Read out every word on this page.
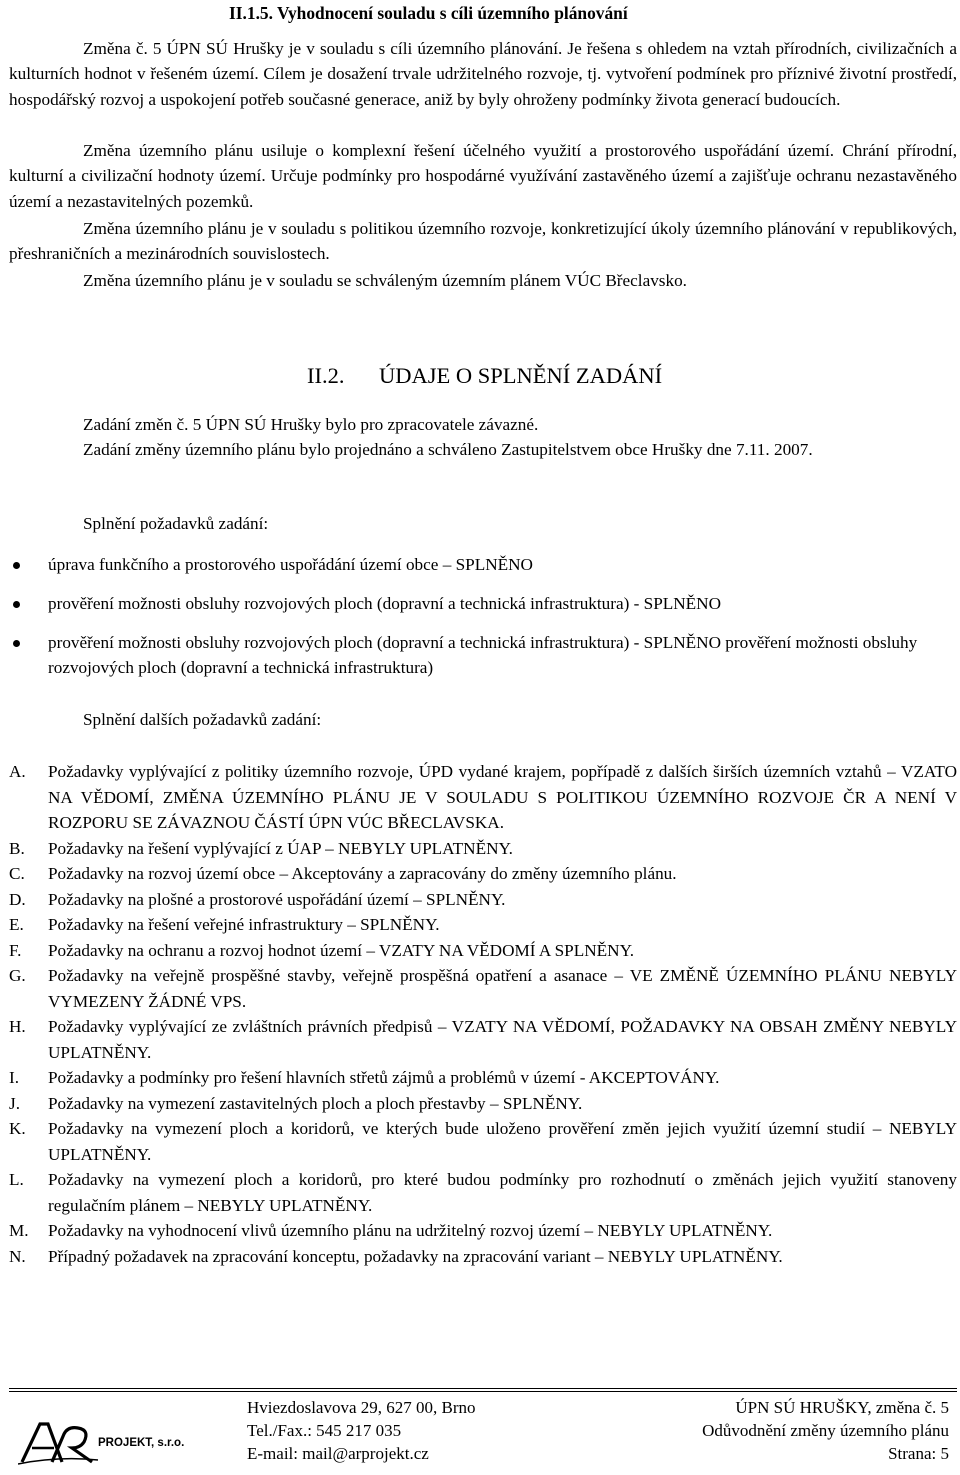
II.1.5. Vyhodnocení souladu s cíli územního plánování
Změna č. 5 ÚPN SÚ Hrušky je v souladu s cíli územního plánování. Je řešena s ohledem na vztah přírodních, civilizačních a kulturních hodnot v řešeném území. Cílem je dosažení trvale udržitelného rozvoje, tj. vytvoření podmínek pro příznivé životní prostředí, hospodářský rozvoj a uspokojení potřeb současné generace, aniž by byly ohroženy podmínky života generací budoucích.
Změna územního plánu usiluje o komplexní řešení účelného využití a prostorového uspořádání území. Chrání přírodní, kulturní a civilizační hodnoty území. Určuje podmínky pro hospodárné využívání zastavěného území a zajišťuje ochranu nezastavěného území a nezastavitelných pozemků.
Změna územního plánu je v souladu s politikou územního rozvoje, konkretizující úkoly územního plánování v republikových, přeshraničních a mezinárodních souvislostech.
Změna územního plánu je v souladu se schváleným územním plánem VÚC Břeclavsko.
II.2. ÚDAJE O SPLNĚNÍ ZADÁNÍ
Zadání změn č. 5 ÚPN SÚ Hrušky bylo pro zpracovatele závazné.
Zadání změny územního plánu bylo projednáno a schváleno Zastupitelstvem obce Hrušky dne 7.11. 2007.
Splnění požadavků zadání:
úprava funkčního a prostorového uspořádání území obce – SPLNĚNO
prověření možnosti obsluhy rozvojových ploch (dopravní a technická infrastruktura) - SPLNĚNO
prověření možnosti obsluhy rozvojových ploch (dopravní a technická infrastruktura) - SPLNĚNO prověření možnosti obsluhy rozvojových ploch (dopravní a technická infrastruktura)
Splnění dalších požadavků zadání:
A. Požadavky vyplývající z politiky územního rozvoje, ÚPD vydané krajem, popřípadě z dalších širších územních vztahů – VZATO NA VĚDOMÍ, ZMĚNA ÚZEMNÍHO PLÁNU JE V SOULADU S POLITIKOU ÚZEMNÍHO ROZVOJE ČR A NENÍ V ROZPORU SE ZÁVAZNOU ČÁSTÍ ÚPN VÚC BŘECLAVSKA.
B. Požadavky na řešení vyplývající z ÚAP – NEBYLY UPLATNĚNY.
C. Požadavky na rozvoj území obce – Akceptovány a zapracovány do změny územního plánu.
D. Požadavky na plošné a prostorové uspořádání území – SPLNĚNY.
E. Požadavky na řešení veřejné infrastruktury – SPLNĚNY.
F. Požadavky na ochranu a rozvoj hodnot území – VZATY NA VĚDOMÍ A SPLNĚNY.
G. Požadavky na veřejně prospěšné stavby, veřejně prospěšná opatření a asanace – VE ZMĚNĚ ÚZEMNÍHO PLÁNU NEBYLY VYMEZENY ŽÁDNÉ VPS.
H. Požadavky vyplývající ze zvláštních právních předpisů – VZATY NA VĚDOMÍ, POŽADAVKY NA OBSAH ZMĚNY NEBYLY UPLATNĚNY.
I. Požadavky a podmínky pro řešení hlavních střetů zájmů a problémů v území - AKCEPTOVÁNY.
J. Požadavky na vymezení zastavitelných ploch a ploch přestavby – SPLNĚNY.
K. Požadavky na vymezení ploch a koridorů, ve kterých bude uloženo prověření změn jejich využití územní studií – NEBYLY UPLATNĚNY.
L. Požadavky na vymezení ploch a koridorů, pro které budou podmínky pro rozhodnutí o změnách jejich využití stanoveny regulačním plánem – NEBYLY UPLATNĚNY.
M. Požadavky na vyhodnocení vlivů územního plánu na udržitelný rozvoj území – NEBYLY UPLATNĚNY.
N. Případný požadavek na zpracování konceptu, požadavky na zpracování variant – NEBYLY UPLATNĚNY.
PROJEKT, s.r.o.
Hviezdoslavova 29, 627 00, Brno
Tel./Fax.: 545 217 035
E-mail: mail@arprojekt.cz
ÚPN SÚ HRUŠKY, změna č. 5
Odůvodnění změny územního plánu
Strana: 5
